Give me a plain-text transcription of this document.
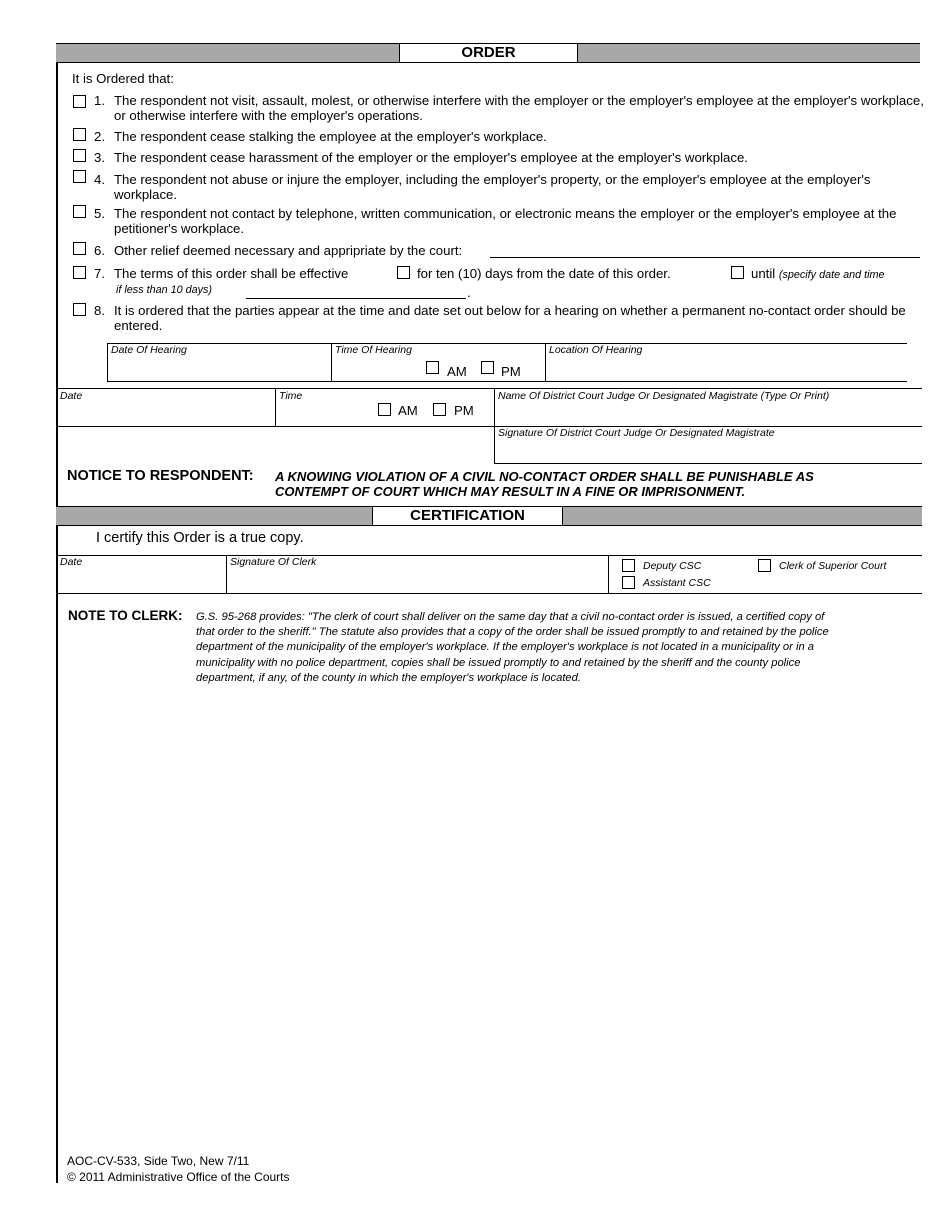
ORDER
It is Ordered that:
1. The respondent not visit, assault, molest, or otherwise interfere with the employer or the employer's employee at the employer's workplace, or otherwise interfere with the employer's operations.
2. The respondent cease stalking the employee at the employer's workplace.
3. The respondent cease harassment of the employer or the employer's employee at the employer's workplace.
4. The respondent not abuse or injure the employer, including the employer's property, or the employer's employee at the employer's workplace.
5. The respondent not contact by telephone, written communication, or electronic means the employer or the employer's employee at the petitioner's workplace.
6. Other relief deemed necessary and appripriate by the court:
7. The terms of this order shall be effective	for ten (10) days from the date of this order.	until (specify date and time
if less than 10 days)	.
8. It is ordered that the parties appear at the time and date set out below for a hearing on whether a permanent no-contact order should be entered.
Date Of Hearing	Time Of Hearing	Location Of Hearing
AM	PM
Date	Time
AM	PM
Name Of District Court Judge Or Designated Magistrate (Type Or Print)
Signature Of District Court Judge Or Designated Magistrate
NOTICE TO RESPONDENT: A KNOWING VIOLATION OF A CIVIL NO-CONTACT ORDER SHALL BE PUNISHABLE AS
CONTEMPT OF COURT WHICH MAY RESULT IN A FINE OR IMPRISONMENT.
CERTIFICATION
I certify this Order is a true copy.
Date	Signature Of Clerk	Deputy CSC
Assistant CSC
Clerk of Superior Court
NOTE TO CLERK: G.S. 95-268 provides: "The clerk of court shall deliver on the same day that a civil no-contact order is issued, a certified copy of
that order to the sheriff." The statute also provides that a copy of the order shall be issued promptly to and retained by the police
department of the municipality of the employer's workplace. If the employer's workplace is not located in a municipality or in a
municipality with no police department, copies shall be issued promptly to and retained by the sheriff and the county police
department, if any, of the county in which the employer's workplace is located.
AOC-CV-533, Side Two, New 7/11
© 2011 Administrative Office of the Courts
